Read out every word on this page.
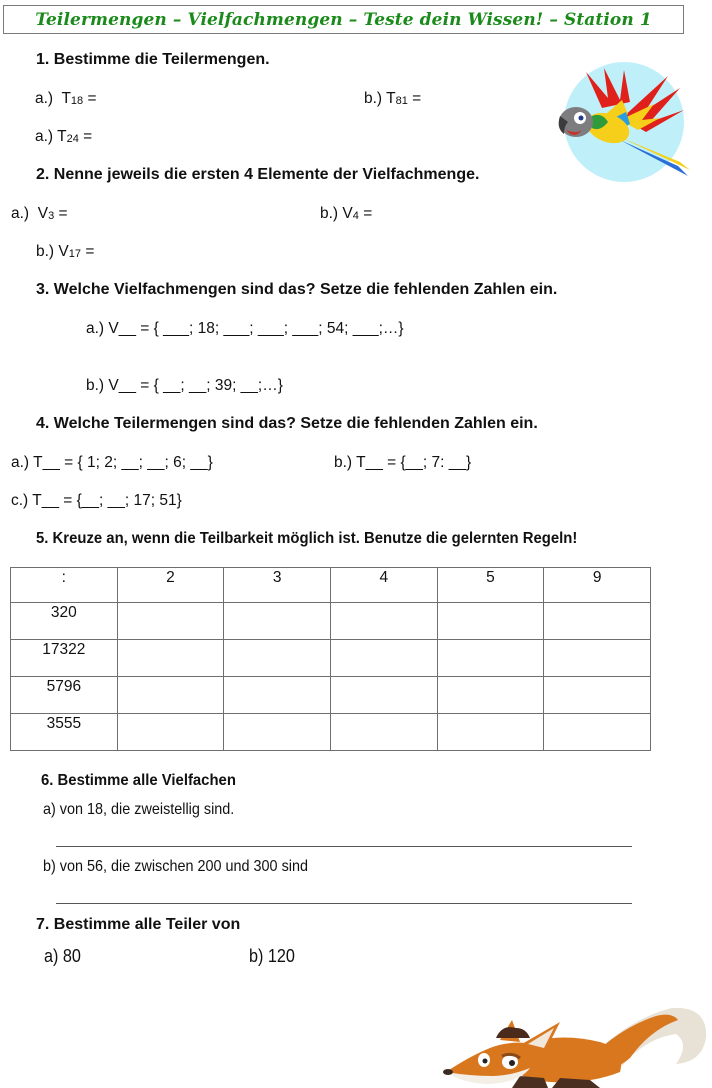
Teilermengen – Vielfachmengen – Teste dein Wissen! – Station 1
1. Bestimme die Teilermengen.
a.) $T_{18}$ =	b.) $T_{81}$ =
a.) $T_{24}$ =
2. Nenne jeweils die ersten 4 Elemente der Vielfachmenge.
a.) $V_3$ =	b.) $V_4$ =
b.) $V_{17}$ =
3. Welche Vielfachmengen sind das? Setze die fehlenden Zahlen ein.
a.) V__ = { ___; 18; ___; ___; ___; 54; ___;…}
b.) V__ = { __; __; 39; __;…}
4. Welche Teilermengen sind das? Setze die fehlenden Zahlen ein.
a.) T__ = { 1; 2; __; __; 6; __}	b.) T__ = {__; 7: __}
c.) T__ = {__; __; 17; 51}
5. Kreuze an, wenn die Teilbarkeit möglich ist. Benutze die gelernten Regeln!
:	2	3	4	5	9
320					
17322					
5796					
3555					
6. Bestimme alle Vielfachen
a) von 18, die zweistellig sind.
b) von 56, die zwischen 200 und 300 sind
7. Bestimme alle Teiler von
a) 80	b) 120
